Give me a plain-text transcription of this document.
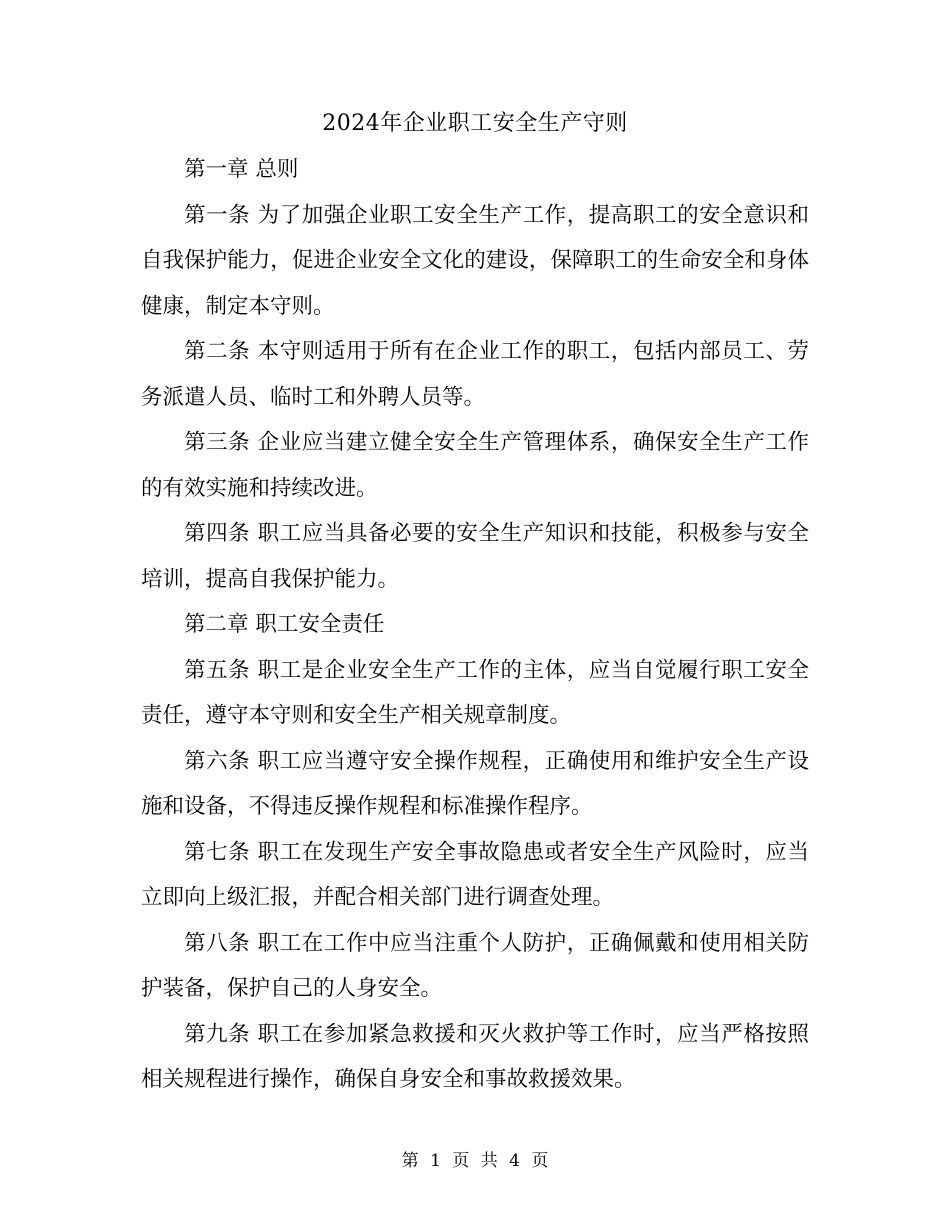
2024年企业职工安全生产守则

第一章 总则

第一条 为了加强企业职工安全生产工作，提高职工的安全意识和自我保护能力，促进企业安全文化的建设，保障职工的生命安全和身体健康，制定本守则。

第二条 本守则适用于所有在企业工作的职工，包括内部员工、劳务派遣人员、临时工和外聘人员等。

第三条 企业应当建立健全安全生产管理体系，确保安全生产工作的有效实施和持续改进。

第四条 职工应当具备必要的安全生产知识和技能，积极参与安全培训，提高自我保护能力。

第二章 职工安全责任

第五条 职工是企业安全生产工作的主体，应当自觉履行职工安全责任，遵守本守则和安全生产相关规章制度。

第六条 职工应当遵守安全操作规程，正确使用和维护安全生产设施和设备，不得违反操作规程和标准操作程序。

第七条 职工在发现生产安全事故隐患或者安全生产风险时，应当立即向上级汇报，并配合相关部门进行调查处理。

第八条 职工在工作中应当注重个人防护，正确佩戴和使用相关防护装备，保护自己的人身安全。

第九条 职工在参加紧急救援和灭火救护等工作时，应当严格按照相关规程进行操作，确保自身安全和事故救援效果。

第 1 页 共 4 页
